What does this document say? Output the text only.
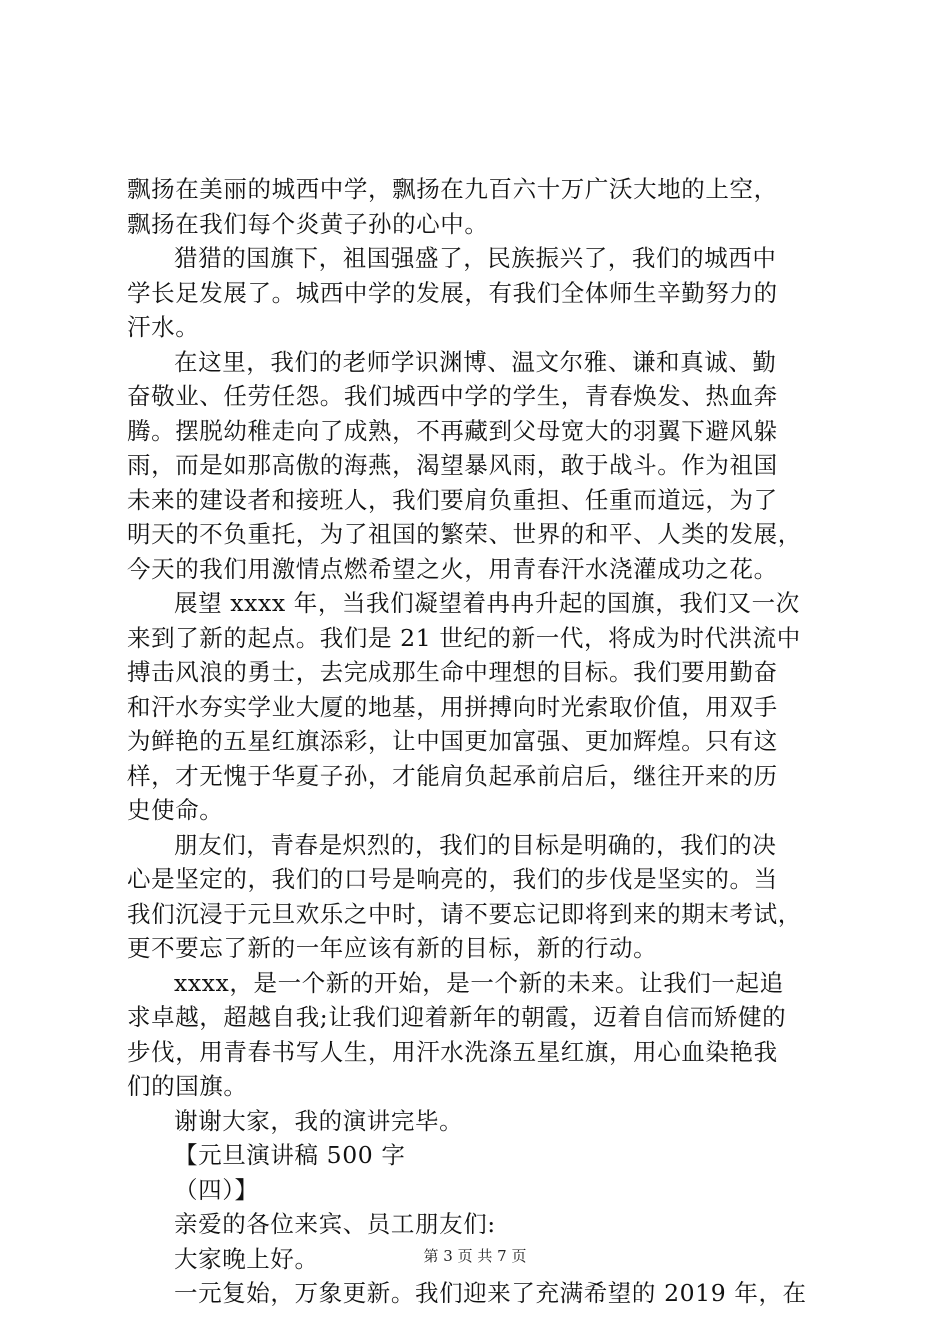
飘扬在美丽的城西中学，飘扬在九百六十万广沃大地的上空，
飘扬在我们每个炎黄子孙的心中。
猎猎的国旗下，祖国强盛了，民族振兴了，我们的城西中
学长足发展了。城西中学的发展，有我们全体师生辛勤努力的
汗水。
在这里，我们的老师学识渊博、温文尔雅、谦和真诚、勤
奋敬业、任劳任怨。我们城西中学的学生，青春焕发、热血奔
腾。摆脱幼稚走向了成熟，不再藏到父母宽大的羽翼下避风躲
雨，而是如那高傲的海燕，渴望暴风雨，敢于战斗。作为祖国
未来的建设者和接班人，我们要肩负重担、任重而道远，为了
明天的不负重托，为了祖国的繁荣、世界的和平、人类的发展，
今天的我们用激情点燃希望之火，用青春汗水浇灌成功之花。
展望 xxxx 年，当我们凝望着冉冉升起的国旗，我们又一次
来到了新的起点。我们是 21 世纪的新一代，将成为时代洪流中
搏击风浪的勇士，去完成那生命中理想的目标。我们要用勤奋
和汗水夯实学业大厦的地基，用拼搏向时光索取价值，用双手
为鲜艳的五星红旗添彩，让中国更加富强、更加辉煌。只有这
样，才无愧于华夏子孙，才能肩负起承前启后，继往开来的历
史使命。
朋友们，青春是炽烈的，我们的目标是明确的，我们的决
心是坚定的，我们的口号是响亮的，我们的步伐是坚实的。当
我们沉浸于元旦欢乐之中时，请不要忘记即将到来的期末考试，
更不要忘了新的一年应该有新的目标，新的行动。
xxxx，是一个新的开始，是一个新的未来。让我们一起追
求卓越，超越自我;让我们迎着新年的朝霞，迈着自信而矫健的
步伐，用青春书写人生，用汗水洗涤五星红旗，用心血染艳我
们的国旗。
谢谢大家，我的演讲完毕。
【元旦演讲稿 500 字
（四）】
亲爱的各位来宾、员工朋友们:
大家晚上好。
一元复始，万象更新。我们迎来了充满希望的 2019 年，在
第 3 页 共 7 页
